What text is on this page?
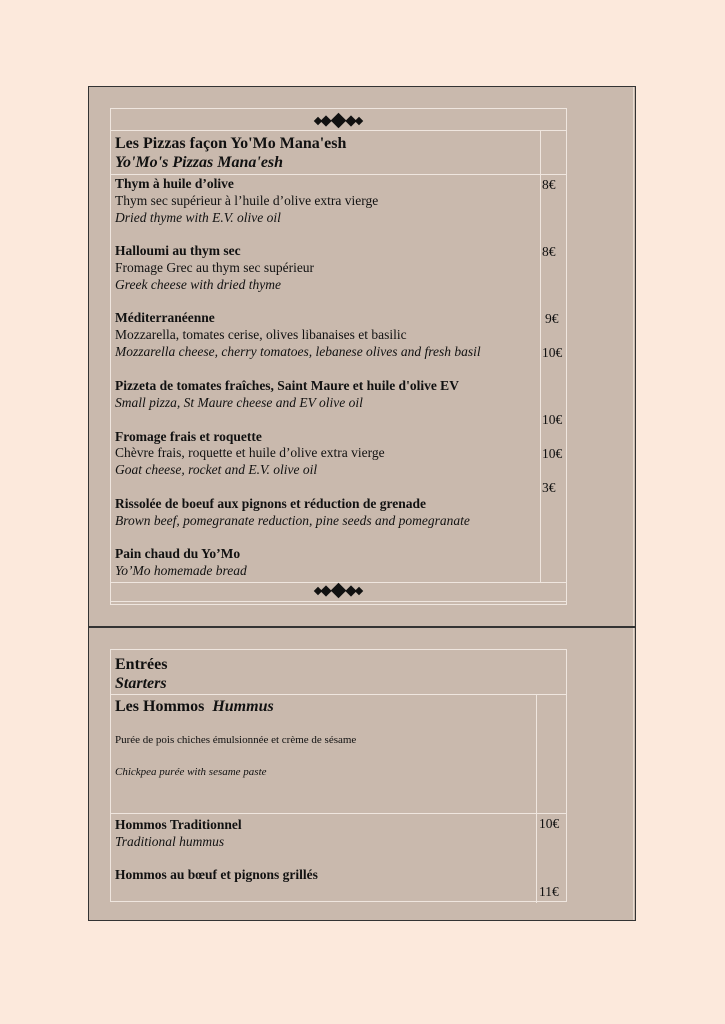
Les Pizzas façon Yo'Mo Mana'esh
Yo'Mo's Pizzas Mana'esh
Thym à huile d’olive
Thym sec supérieur à l’huile d’olive extra vierge
Dried thyme with E.V. olive oil
Halloumi au thym sec
Fromage Grec au thym sec supérieur
Greek cheese with dried thyme
Méditerranéenne
Mozzarella, tomates cerise, olives libanaises et basilic
Mozzarella cheese, cherry tomatoes, lebanese olives and fresh basil
Pizzeta de tomates fraîches, Saint Maure et huile d'olive EV
Small pizza, St Maure cheese and EV olive oil
Fromage frais et roquette
Chèvre frais, roquette et huile d’olive extra vierge
Goat cheese, rocket and E.V. olive oil
Rissolée de boeuf aux pignons et réduction de grenade
Brown beef, pomegranate reduction, pine seeds and pomegranate
Pain chaud du Yo’Mo
Yo’Mo homemade bread
8€
8€
9€
10€
10€
10€
3€
Entrées
Starters
Les Hommos Hummus
Purée de pois chiches émulsionnée et crème de sésame
Chickpea purée with sesame paste
Hommos Traditionnel
Traditional hummus
Hommos au bœuf et pignons grillés
10€
11€
